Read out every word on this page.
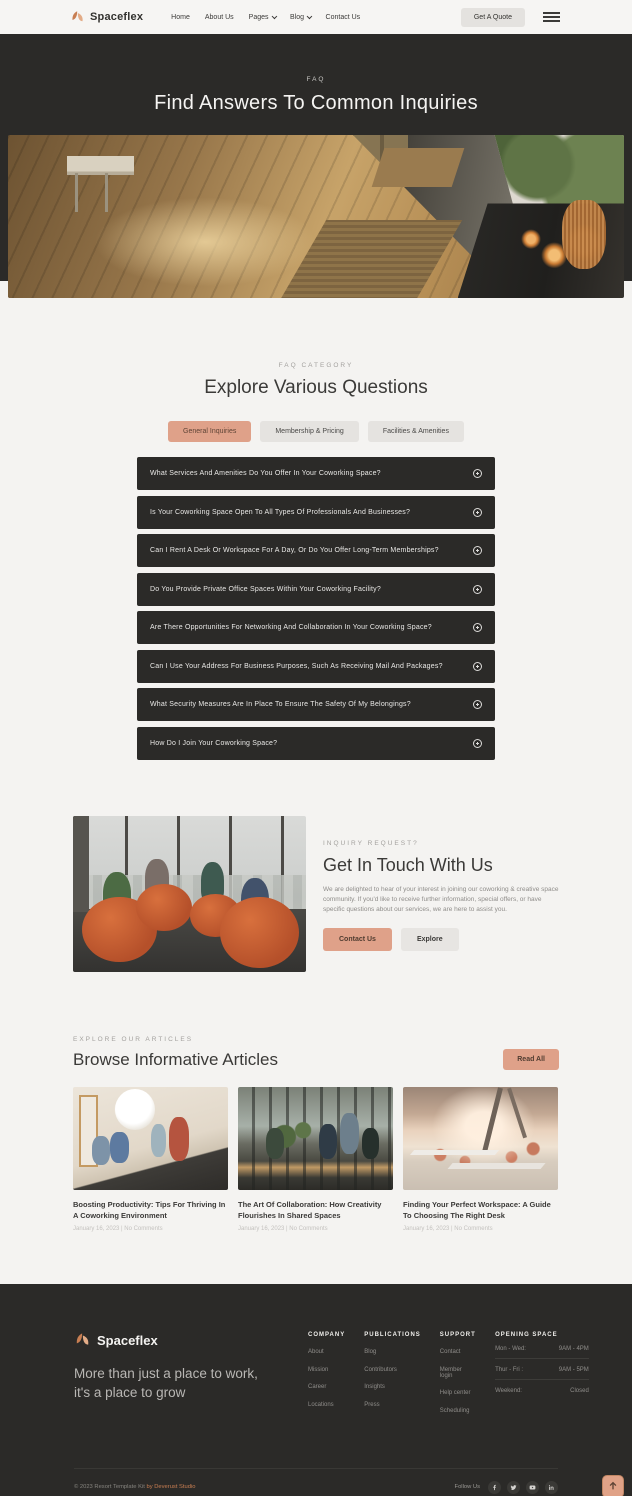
Spaceflex	Home About Us Pages	Blog	Contact Us	Get A Quote
FAQ
Find Answers To Common Inquiries
FAQ CATEGORY
Explore Various Questions
General Inquiries	Membership & Pricing	Facilities & Amenities
What Services And Amenities Do You Offer In Your Coworking Space?
Is Your Coworking Space Open To All Types Of Professionals And Businesses?
Can I Rent A Desk Or Workspace For A Day, Or Do You Offer Long-Term Memberships?
Do You Provide Private Office Spaces Within Your Coworking Facility?
Are There Opportunities For Networking And Collaboration In Your Coworking Space?
Can I Use Your Address For Business Purposes, Such As Receiving Mail And Packages?
What Security Measures Are In Place To Ensure The Safety Of My Belongings?
How Do I Join Your Coworking Space?
INQUIRY REQUEST?
Get In Touch With Us

We are delighted to hear of your interest in joining our coworking & creative space community. If you'd like to receive further information, special offers, or have specific questions about our services, we are here to assist you.

Contact Us	Explore
EXPLORE OUR ARTICLES
Browse Informative Articles	Read All
Boosting Productivity: Tips For Thriving In A Coworking Environment
January 16, 2023 | No Comments
The Art Of Collaboration: How Creativity Flourishes In Shared Spaces
January 16, 2023 | No Comments
Finding Your Perfect Workspace: A Guide To Choosing The Right Desk
January 16, 2023 | No Comments
Spaceflex

More than just a place to work, it's a place to grow

COMPANY
About
Mission
Career
Locations
PUBLICATIONS
Blog
Contributors
Insights
Press
SUPPORT
Contact
Member login
Help center
Scheduling
OPENING SPACE
Mon - Wed:	9AM - 4PM
Thur - Fri :	9AM - 5PM
Weekend:	Closed
© 2023 Resort Template Kit by Deverust Studio	Follow Us
